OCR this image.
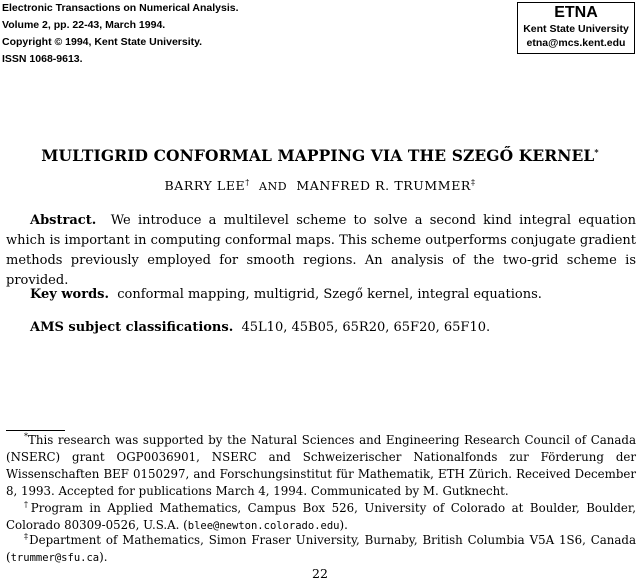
Electronic Transactions on Numerical Analysis.
Volume 2, pp. 22-43, March 1994.
Copyright © 1994, Kent State University.
ISSN 1068-9613.
ETNA
Kent State University
etna@mcs.kent.edu
MULTIGRID CONFORMAL MAPPING VIA THE SZEGŐ KERNEL*
BARRY LEE† AND MANFRED R. TRUMMER‡
Abstract. We introduce a multilevel scheme to solve a second kind integral equation which is important in computing conformal maps. This scheme outperforms conjugate gradient methods previously employed for smooth regions. An analysis of the two-grid scheme is provided.
Key words. conformal mapping, multigrid, Szegő kernel, integral equations.
AMS subject classifications. 45L10, 45B05, 65R20, 65F20, 65F10.
*This research was supported by the Natural Sciences and Engineering Research Council of Canada (NSERC) grant OGP0036901, NSERC and Schweizerischer Nationalfonds zur Förderung der Wissenschaften BEF 0150297, and Forschungsinstitut für Mathematik, ETH Zürich. Received December 8, 1993. Accepted for publications March 4, 1994. Communicated by M. Gutknecht.
†Program in Applied Mathematics, Campus Box 526, University of Colorado at Boulder, Boulder, Colorado 80309-0526, U.S.A. (blee@newton.colorado.edu).
‡Department of Mathematics, Simon Fraser University, Burnaby, British Columbia V5A 1S6, Canada (trummer@sfu.ca).
22
